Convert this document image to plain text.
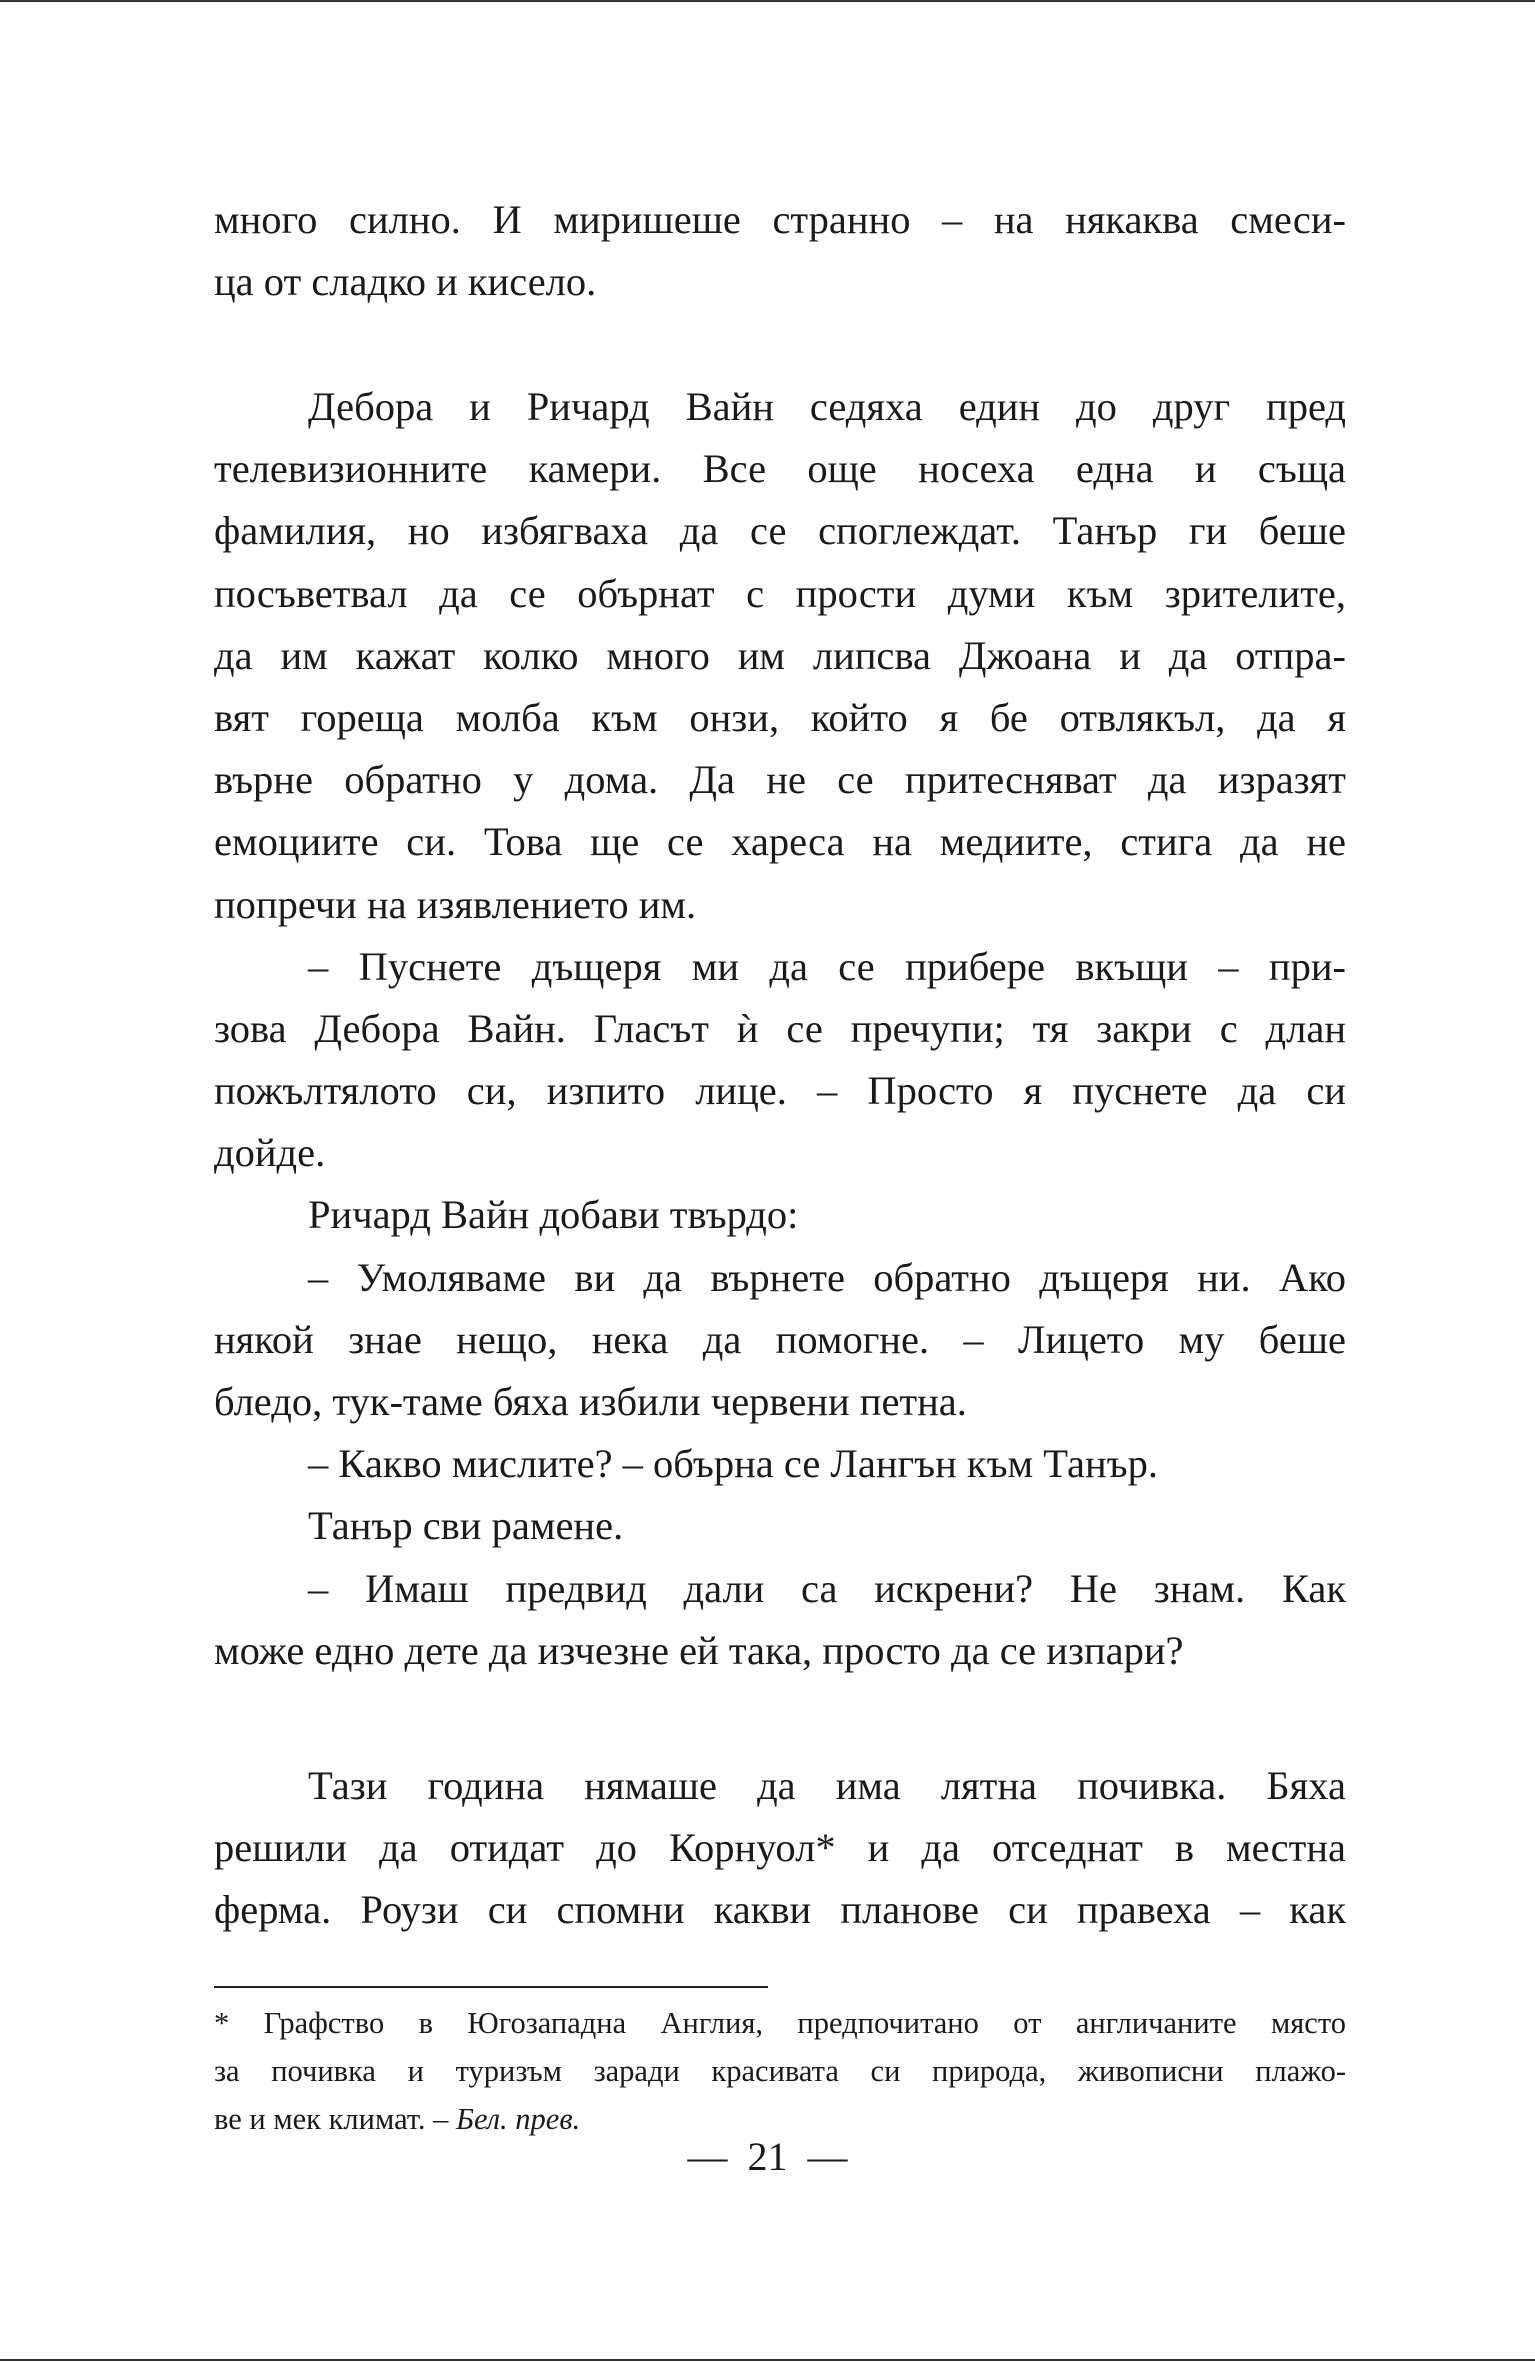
много силно. И миришеше странно – на някаква смеси-
ца от сладко и кисело.
Дебора и Ричард Вайн седяха един до друг пред
телевизионните камери. Все още носеха една и съща
фамилия, но избягваха да се споглеждат. Танър ги беше
посъветвал да се обърнат с прости думи към зрителите,
да им кажат колко много им липсва Джоана и да отпра-
вят гореща молба към онзи, който я бе отвлякъл, да я
върне обратно у дома. Да не се притесняват да изразят
емоциите си. Това ще се хареса на медиите, стига да не
попречи на изявлението им.
– Пуснете дъщеря ми да се прибере вкъщи – при-
зова Дебора Вайн. Гласът ѝ се пречупи; тя закри с длан
пожълтялото си, изпито лице. – Просто я пуснете да си
дойде.
Ричард Вайн добави твърдо:
– Умоляваме ви да върнете обратно дъщеря ни. Ако
някой знае нещо, нека да помогне. – Лицето му беше
бледо, тук-таме бяха избили червени петна.
– Какво мислите? – обърна се Лангън към Танър.
Танър сви рамене.
– Имаш предвид дали са искрени? Не знам. Как
може едно дете да изчезне ей така, просто да се изпари?
Тази година нямаше да има лятна почивка. Бяха
решили да отидат до Корнуол* и да отседнат в местна
ферма. Роузи си спомни какви планове си правеха – как
* Графство в Югозападна Англия, предпочитано от англичаните място
за почивка и туризъм заради красивата си природа, живописни плажо-
ве и мек климат. – Бел. прев.
—  21  —
